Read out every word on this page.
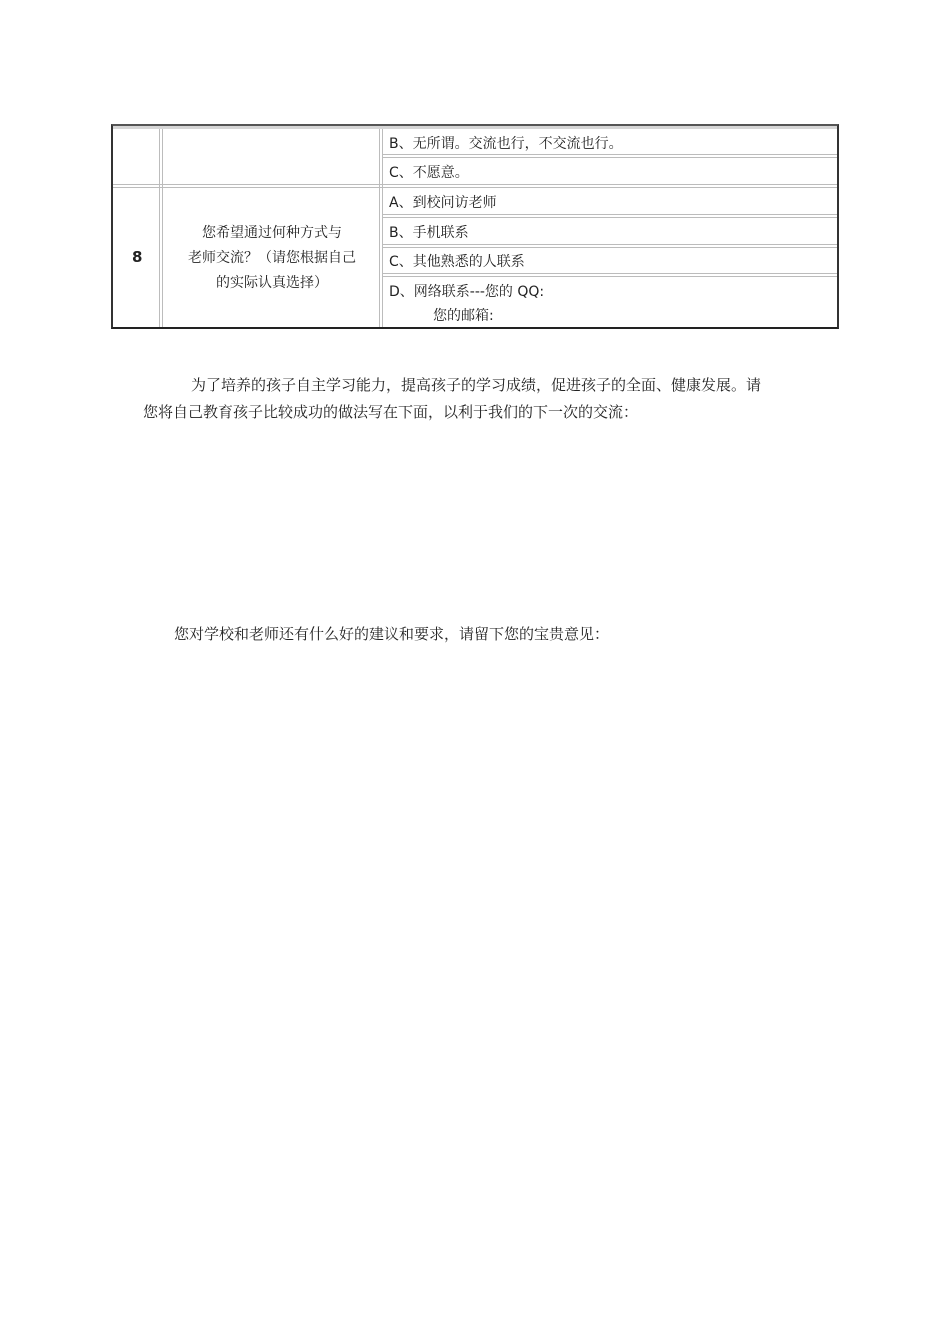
B、无所谓。交流也行，不交流也行。
C、不愿意。
8
您希望通过何种方式与
老师交流？（请您根据自己
的实际认真选择）
A、到校问访老师
B、手机联系
C、其他熟悉的人联系
D、网络联系---您的 QQ:
您的邮箱:
为了培养的孩子自主学习能力，提高孩子的学习成绩，促进孩子的全面、健康发展。请
您将自己教育孩子比较成功的做法写在下面，以利于我们的下一次的交流：
您对学校和老师还有什么好的建议和要求，请留下您的宝贵意见：
